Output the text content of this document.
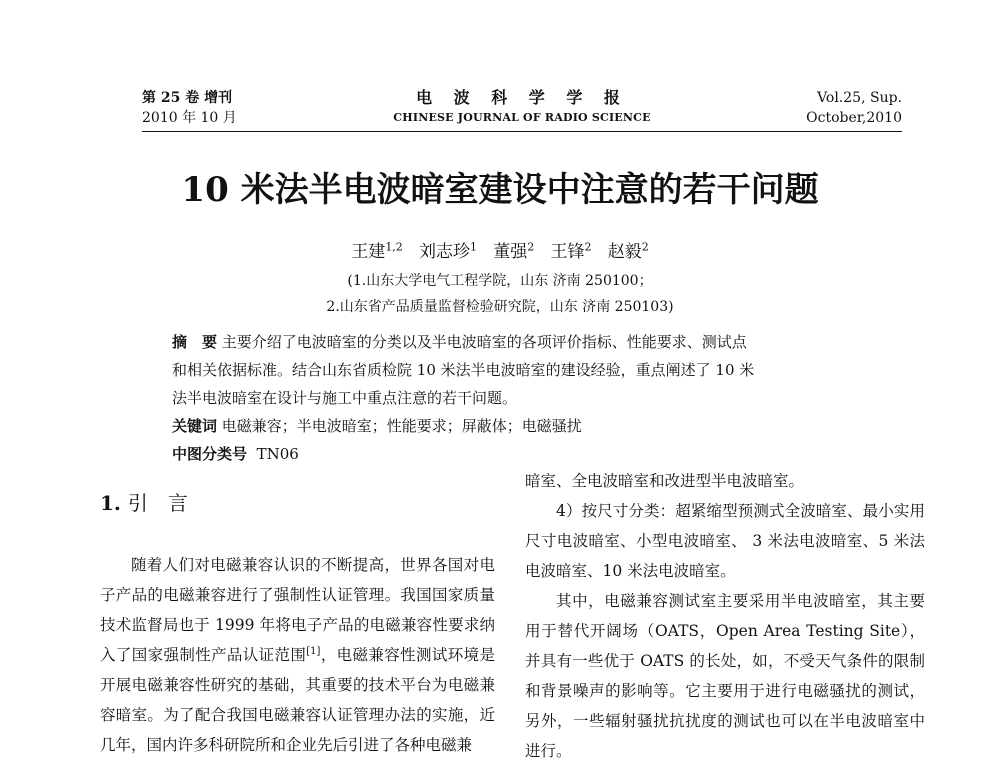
第 25 卷 增刊
2010 年 10 月
电 波 科 学 学 报
CHINESE JOURNAL OF RADIO SCIENCE
Vol.25, Sup.
October,2010
10 米法半电波暗室建设中注意的若干问题
王建$^{1,2}$ 刘志珍$^1$ 董强$^2$ 王锋$^2$ 赵毅$^2$
(1.山东大学电气工程学院，山东 济南 250100；
2.山东省产品质量监督检验研究院，山东 济南 250103)

摘　要 主要介绍了电波暗室的分类以及半电波暗室的各项评价指标、性能要求、测试点
和相关依据标准。结合山东省质检院 10 米法半电波暗室的建设经验，重点阐述了 10 米
法半电波暗室在设计与施工中重点注意的若干问题。

关键词 电磁兼容；半电波暗室；性能要求；屏蔽体；电磁骚扰

中图分类号 TN06

1. 引　言

随着人们对电磁兼容认识的不断提高，世界各国对电子产品的电磁兼容进行了强制性认证管理。我国国家质量技术监督局也于 1999 年将电子产品的电磁兼容性要求纳入了国家强制性产品认证范围[1]，电磁兼容性测试环境是开展电磁兼容性研究的基础，其重要的技术平台为电磁兼容暗室。为了配合我国电磁兼容认证管理办法的实施，近几年，国内许多科研院所和企业先后引进了各种电磁兼

暗室、全电波暗室和改进型半电波暗室。

4）按尺寸分类：超紧缩型预测式全波暗室、最小实用尺寸电波暗室、小型电波暗室、 3 米法电波暗室、5 米法电波暗室、10 米法电波暗室。

其中，电磁兼容测试室主要采用半电波暗室，其主要用于替代开阔场（OATS，Open Area Testing Site），并具有一些优于 OATS 的长处，如，不受天气条件的限制和背景噪声的影响等。它主要用于进行电磁骚扰的测试，另外，一些辐射骚扰抗扰度的测试也可以在半电波暗室中进行。
